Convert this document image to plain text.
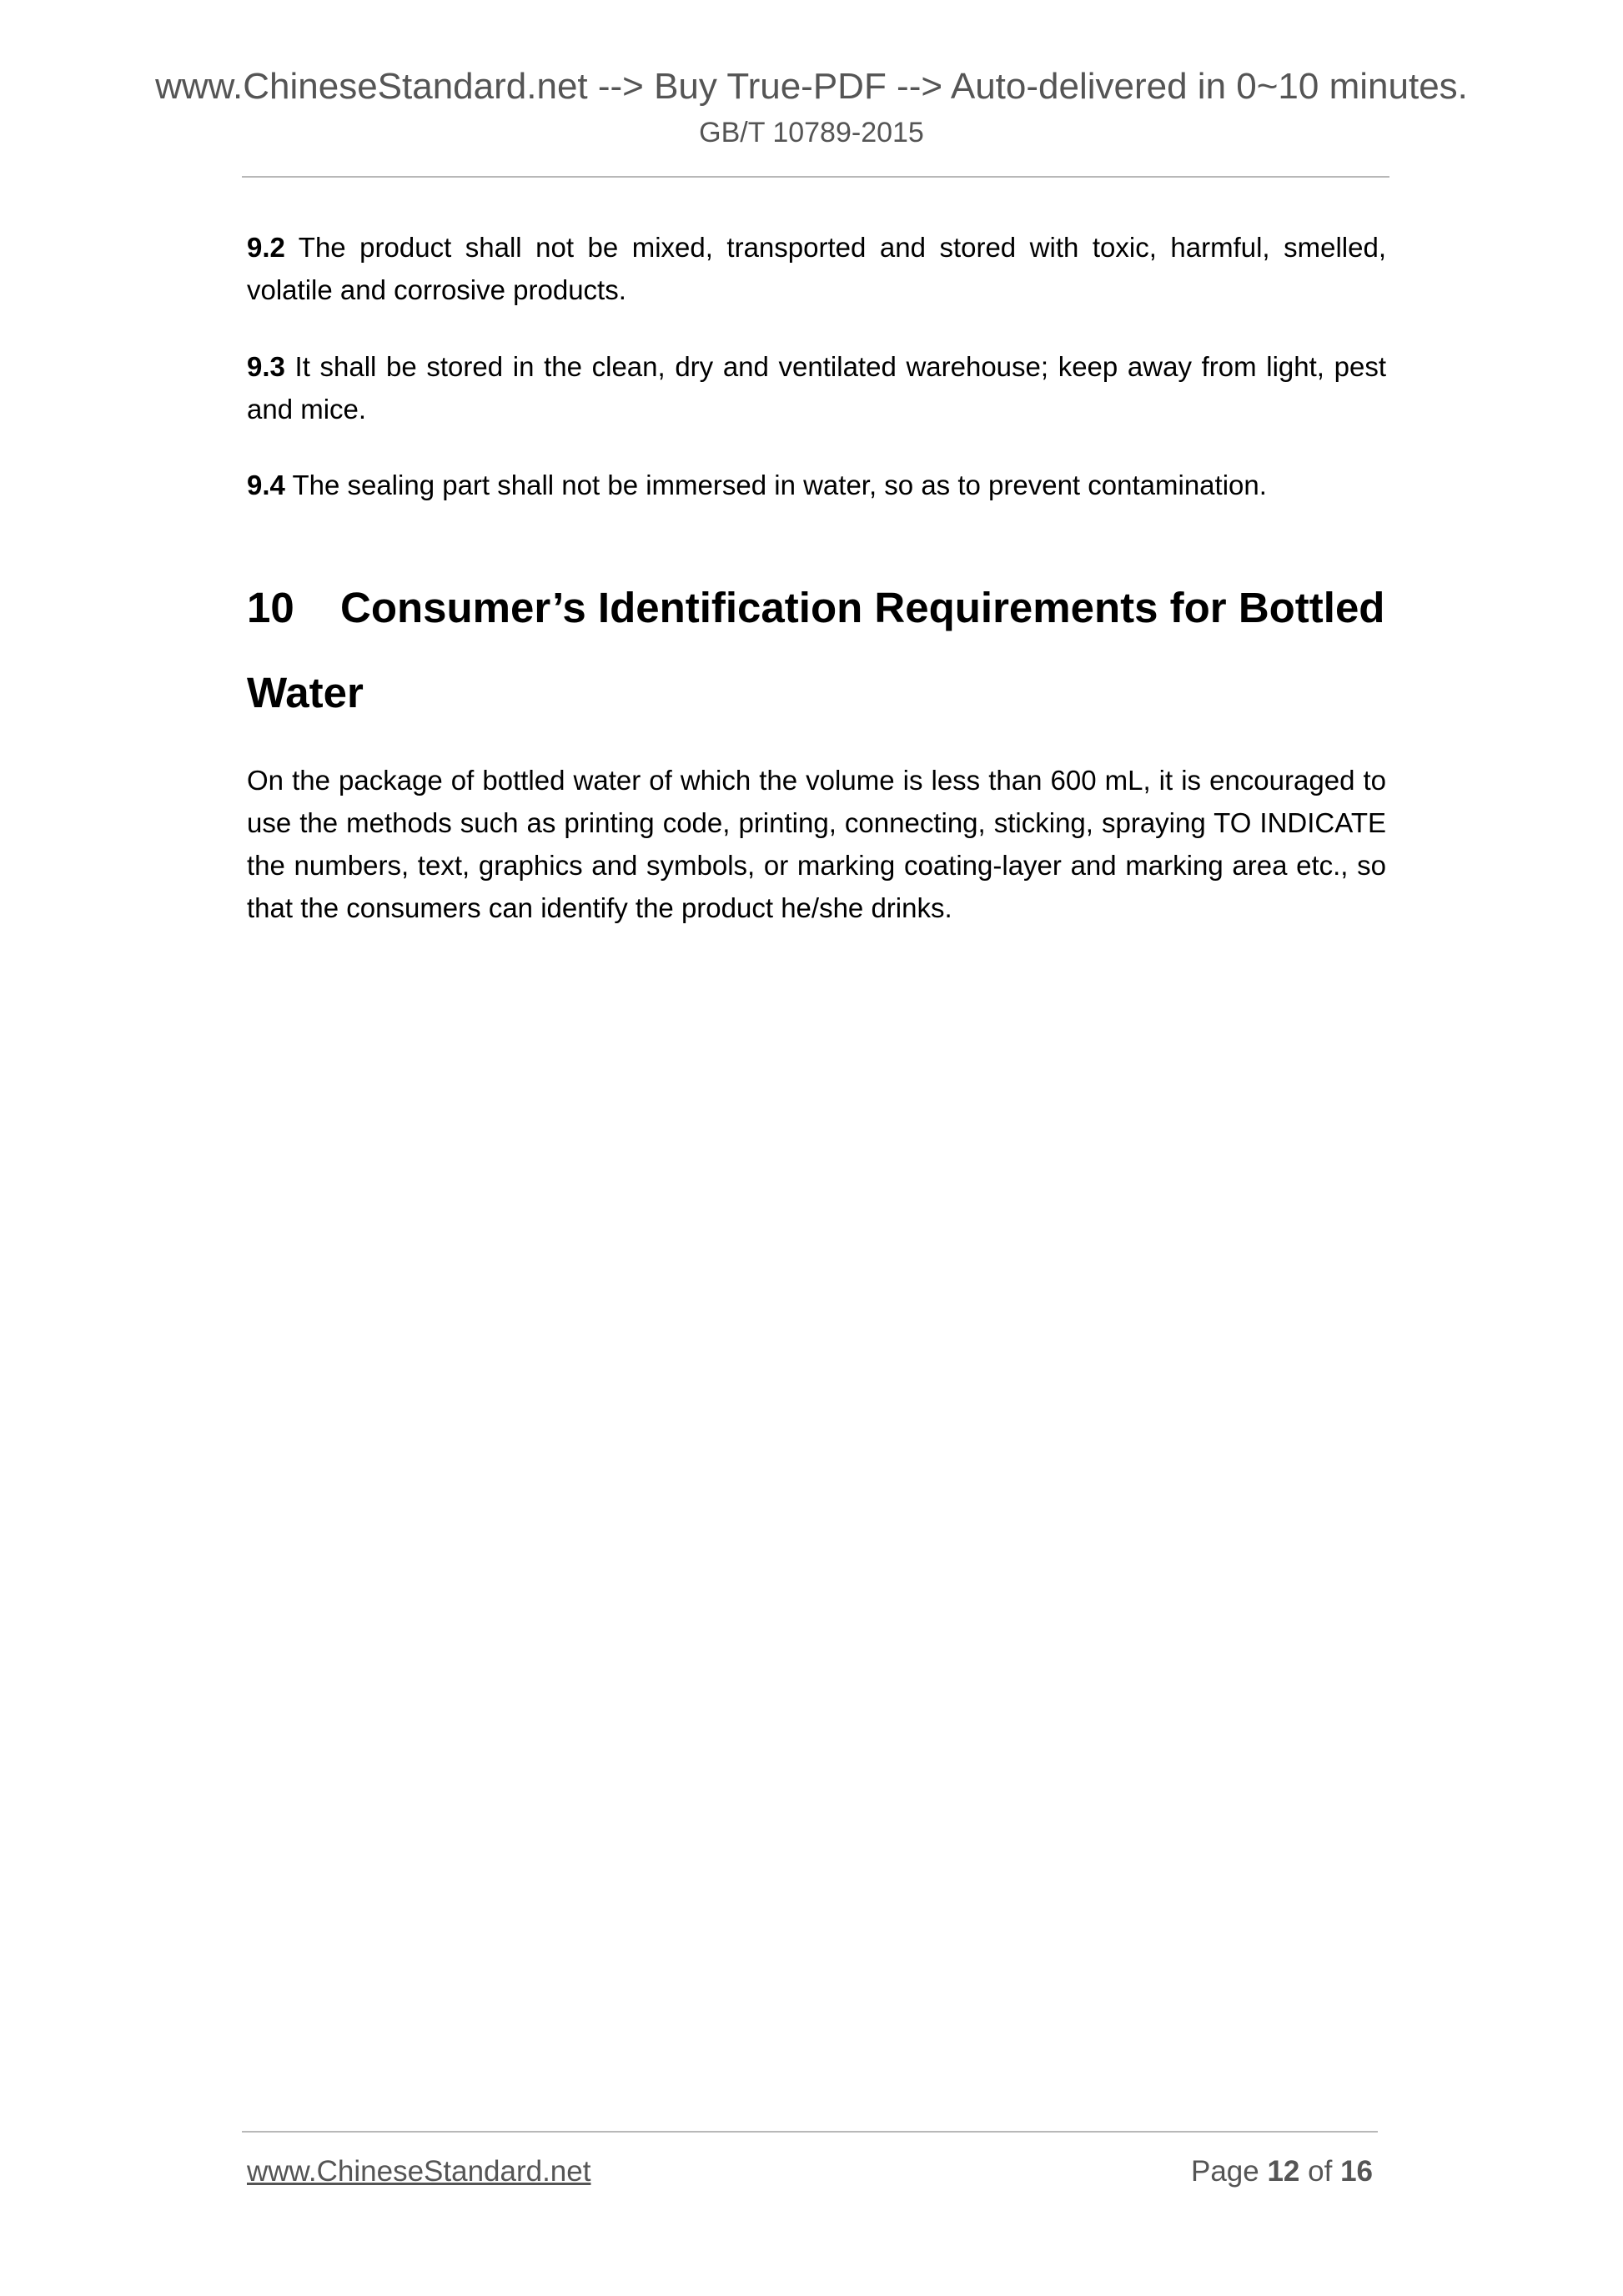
www.ChineseStandard.net --> Buy True-PDF --> Auto-delivered in 0~10 minutes.
GB/T 10789-2015
9.2 The product shall not be mixed, transported and stored with toxic, harmful, smelled, volatile and corrosive products.
9.3 It shall be stored in the clean, dry and ventilated warehouse; keep away from light, pest and mice.
9.4 The sealing part shall not be immersed in water, so as to prevent contamination.
10 Consumer’s Identification Requirements for Bottled Water
On the package of bottled water of which the volume is less than 600 mL, it is encouraged to use the methods such as printing code, printing, connecting, sticking, spraying TO INDICATE the numbers, text, graphics and symbols, or marking coating-layer and marking area etc., so that the consumers can identify the product he/she drinks.
www.ChineseStandard.net	Page 12 of 16
